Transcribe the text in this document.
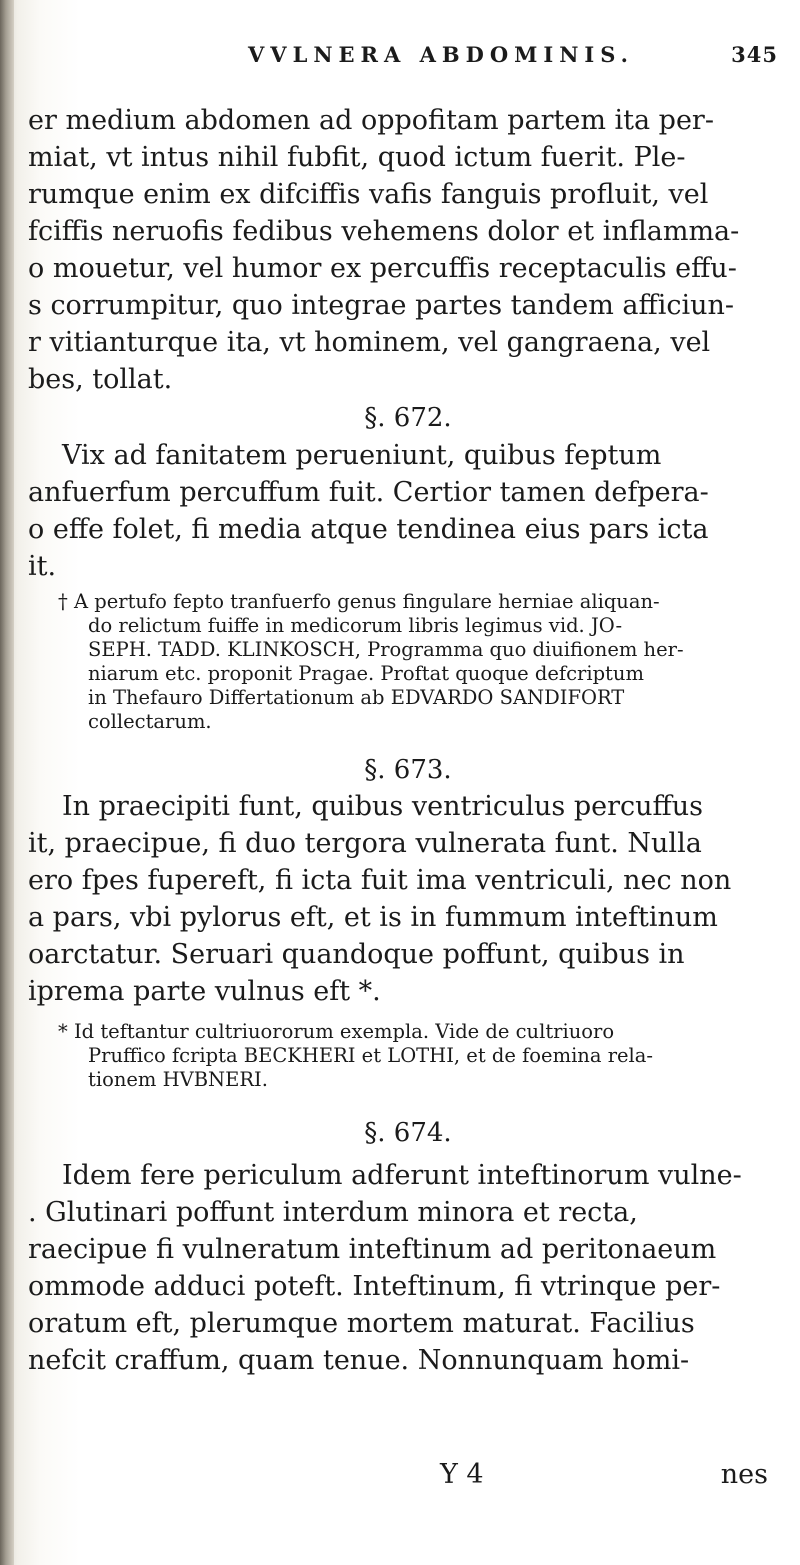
VVLNERA ABDOMINIS.	345
er medium abdomen ad oppofitam partem ita per-
miat, vt intus nihil fubfit, quod ictum fuerit. Ple-
rumque enim ex difciffis vafis fanguis profluit, vel
fciffis neruofis fedibus vehemens dolor et inflamma-
o mouetur, vel humor ex percuffis receptaculis effu-
s corrumpitur, quo integrae partes tandem afficiun-
r vitianturque ita, vt hominem, vel gangraena, vel
bes, tollat.
§. 672.
Vix ad fanitatem perueniunt, quibus feptum
anfuerfum percuffum fuit. Certior tamen defpera-
o effe folet, fi media atque tendinea eius pars icta
it.
† A pertufo fepto tranfuerfo genus fingulare herniae aliquan-
do relictum fuiffe in medicorum libris legimus vid. JO-
SEPH. TADD. KLINKOSCH, Programma quo diuifionem her-
niarum etc. proponit Pragae. Proftat quoque defcriptum
in Thefauro Differtationum ab EDVARDO SANDIFORT
collectarum.
§. 673.
In praecipiti funt, quibus ventriculus percuffus
it, praecipue, fi duo tergora vulnerata funt. Nulla
ero fpes fupereft, fi icta fuit ima ventriculi, nec non
a pars, vbi pylorus eft, et is in fummum inteftinum
oarctatur. Seruari quandoque poffunt, quibus in
iprema parte vulnus eft *.
* Id teftantur cultriuororum exempla. Vide de cultriuoro
Pruffico fcripta BECKHERI et LOTHI, et de foemina rela-
tionem HVBNERI.
§. 674.
Idem fere periculum adferunt inteftinorum vulne-
. Glutinari poffunt interdum minora et recta,
raecipue fi vulneratum inteftinum ad peritonaeum
ommode adduci poteft. Inteftinum, fi vtrinque per-
oratum eft, plerumque mortem maturat. Facilius
nefcit craffum, quam tenue. Nonnunquam homi-
Y 4	nes
